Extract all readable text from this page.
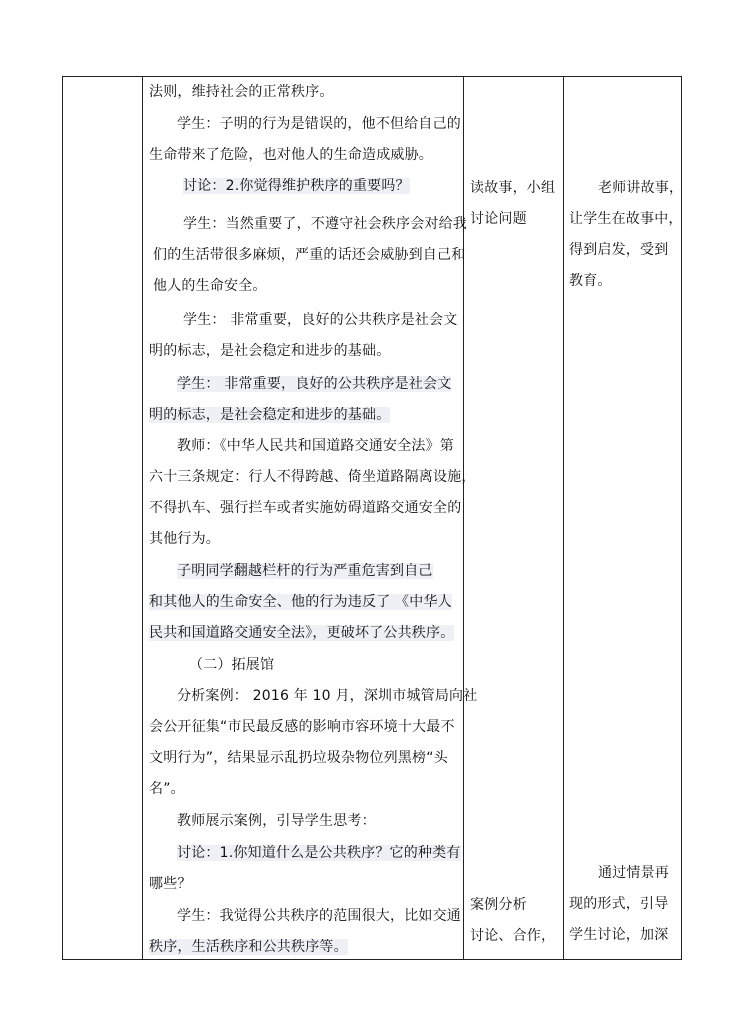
法则，维持社会的正常秩序。
学生：子明的行为是错误的，他不但给自己的
生命带来了危险，也对他人的生命造成威胁。
讨论：2.你觉得维护秩序的重要吗？
学生：当然重要了，不遵守社会秩序会对给我
们的生活带很多麻烦，严重的话还会威胁到自己和
他人的生命安全。
学生： 非常重要，良好的公共秩序是社会文
明的标志，是社会稳定和进步的基础。
学生： 非常重要，良好的公共秩序是社会文
明的标志，是社会稳定和进步的基础。
教师：《中华人民共和国道路交通安全法》第
六十三条规定：行人不得跨越、倚坐道路隔离设施，
不得扒车、强行拦车或者实施妨碍道路交通安全的
其他行为。
子明同学翻越栏杆的行为严重危害到自己
和其他人的生命安全、他的行为违反了 《中华人
民共和国道路交通安全法》，更破坏了公共秩序。
（二）拓展馆
分析案例： 2016 年 10 月，深圳市城管局向社
会公开征集“市民最反感的影响市容环境十大最不
文明行为”，结果显示乱扔垃圾杂物位列黑榜“头
名”。
教师展示案例，引导学生思考：
讨论：1.你知道什么是公共秩序？它的种类有
哪些？
学生：我觉得公共秩序的范围很大，比如交通
秩序，生活秩序和公共秩序等。
读故事，小组
讨论问题
案例分析
讨论、合作，
老师讲故事，
让学生在故事中，
得到启发，受到
教育。
通过情景再
现的形式，引导
学生讨论，加深
